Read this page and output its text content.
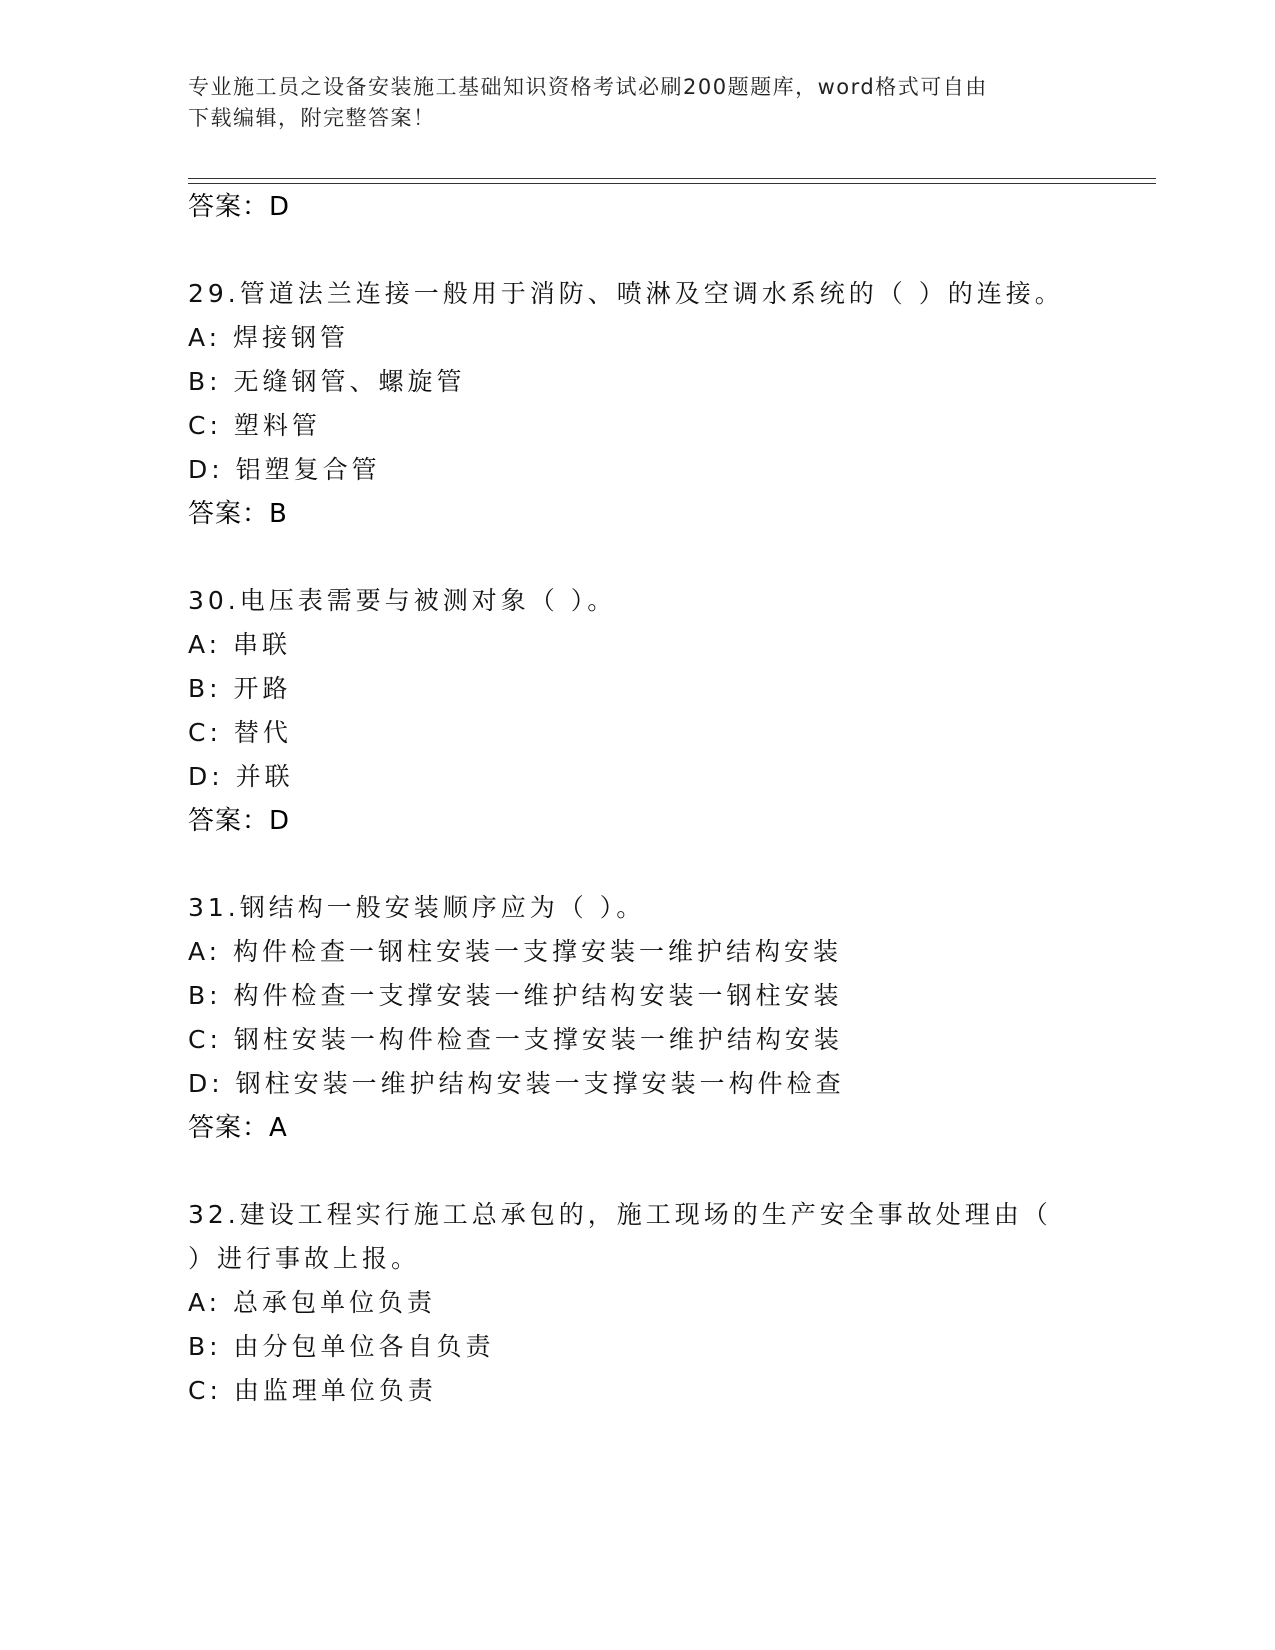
专业施工员之设备安装施工基础知识资格考试必刷200题题库，word格式可自由
下载编辑，附完整答案！
答案：D
29.管道法兰连接一般用于消防、喷淋及空调水系统的（ ）的连接。
A: 焊接钢管
B: 无缝钢管、螺旋管
C: 塑料管
D: 铝塑复合管
答案：B
30.电压表需要与被测对象（ ）。
A: 串联
B: 开路
C: 替代
D: 并联
答案：D
31.钢结构一般安装顺序应为（ ）。
A: 构件检查一钢柱安装一支撑安装一维护结构安装
B: 构件检查一支撑安装一维护结构安装一钢柱安装
C: 钢柱安装一构件检查一支撑安装一维护结构安装
D: 钢柱安装一维护结构安装一支撑安装一构件检查
答案：A
32.建设工程实行施工总承包的，施工现场的生产安全事故处理由（
）进行事故上报。
A: 总承包单位负责
B: 由分包单位各自负责
C: 由监理单位负责
